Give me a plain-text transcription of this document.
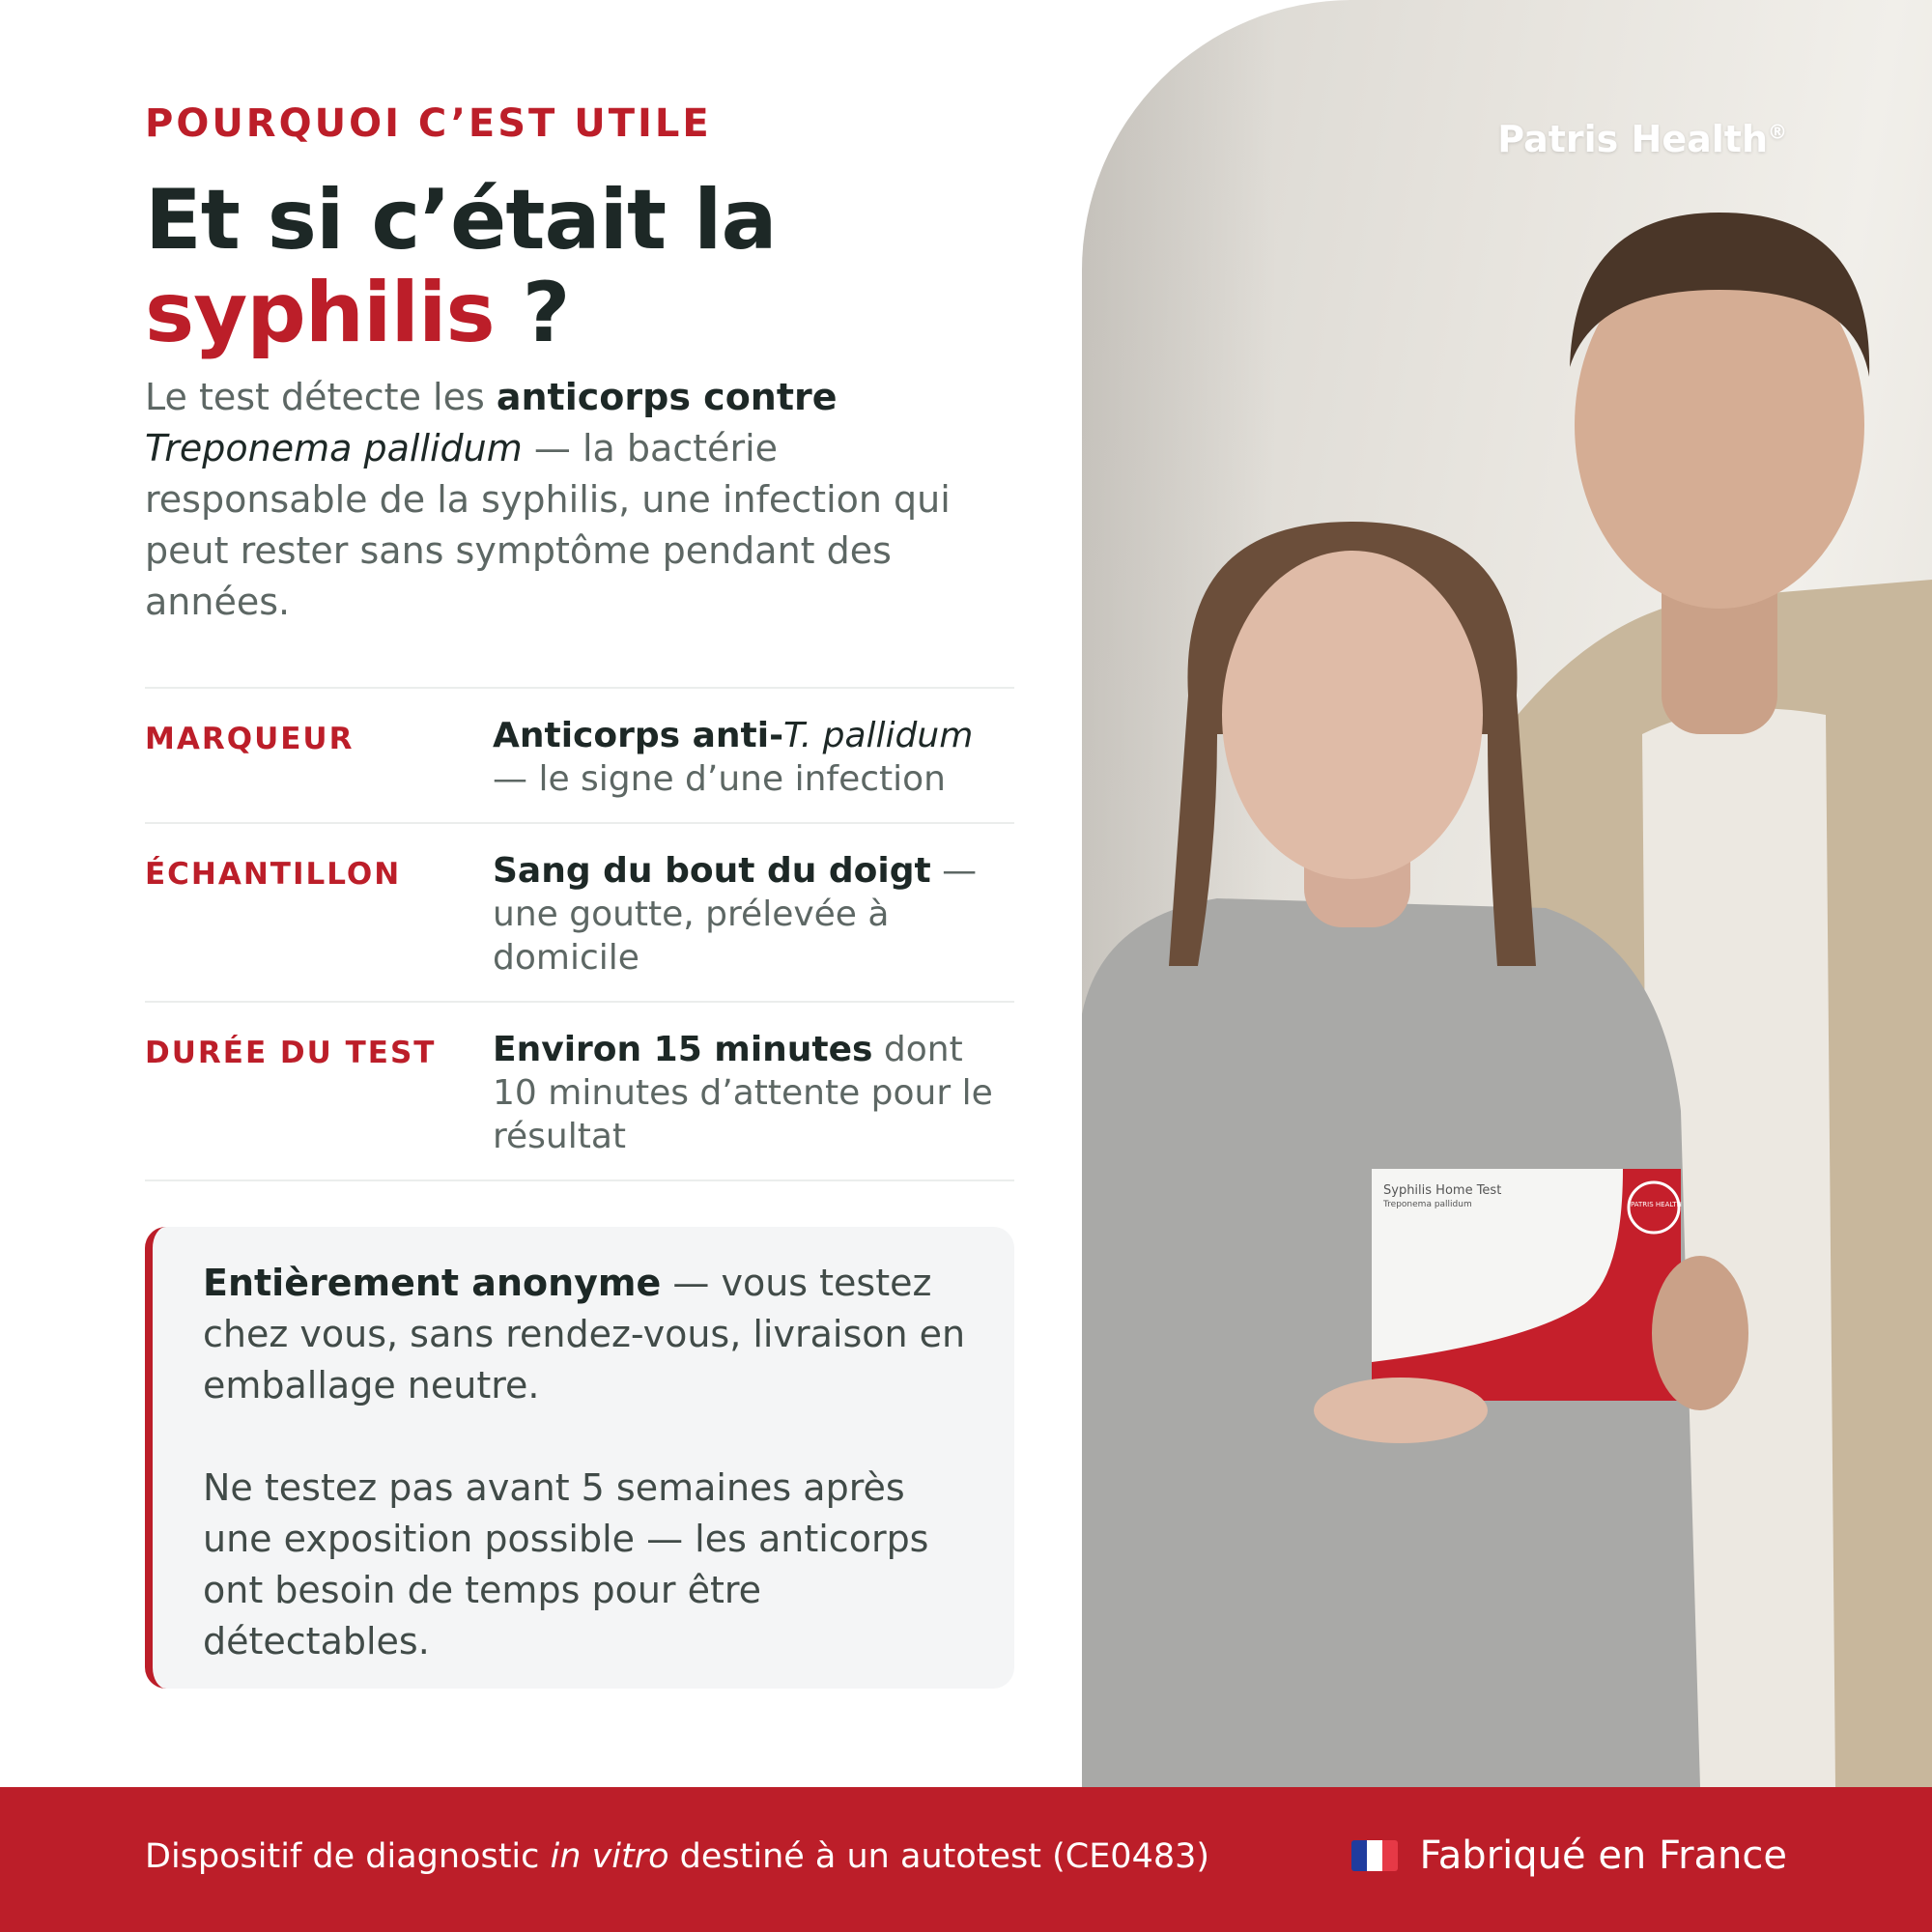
POURQUOI C’EST UTILE
Et si c’était la
syphilis ?

Le test détecte les anticorps contre
Treponema pallidum — la bactérie responsable de la syphilis, une infection qui peut rester sans symptôme pendant des années.

MARQUEUR	Anticorps anti-T. pallidum
— le signe d’une infection
ÉCHANTILLON	Sang du bout du doigt — une goutte, prélevée à domicile
DURÉE DU TEST	Environ 15 minutes dont 10 minutes d’attente pour le résultat

Entièrement anonyme — vous testez chez vous, sans rendez-vous, livraison en emballage neutre.

Ne testez pas avant 5 semaines après une exposition possible — les anticorps ont besoin de temps pour être détectables.

Syphilis Home Test
Treponema pallidum	PATRIS HEALTH
Patris Health®
Dispositif de diagnostic in vitro destiné à un autotest (CE0483)	Fabriqué en France
